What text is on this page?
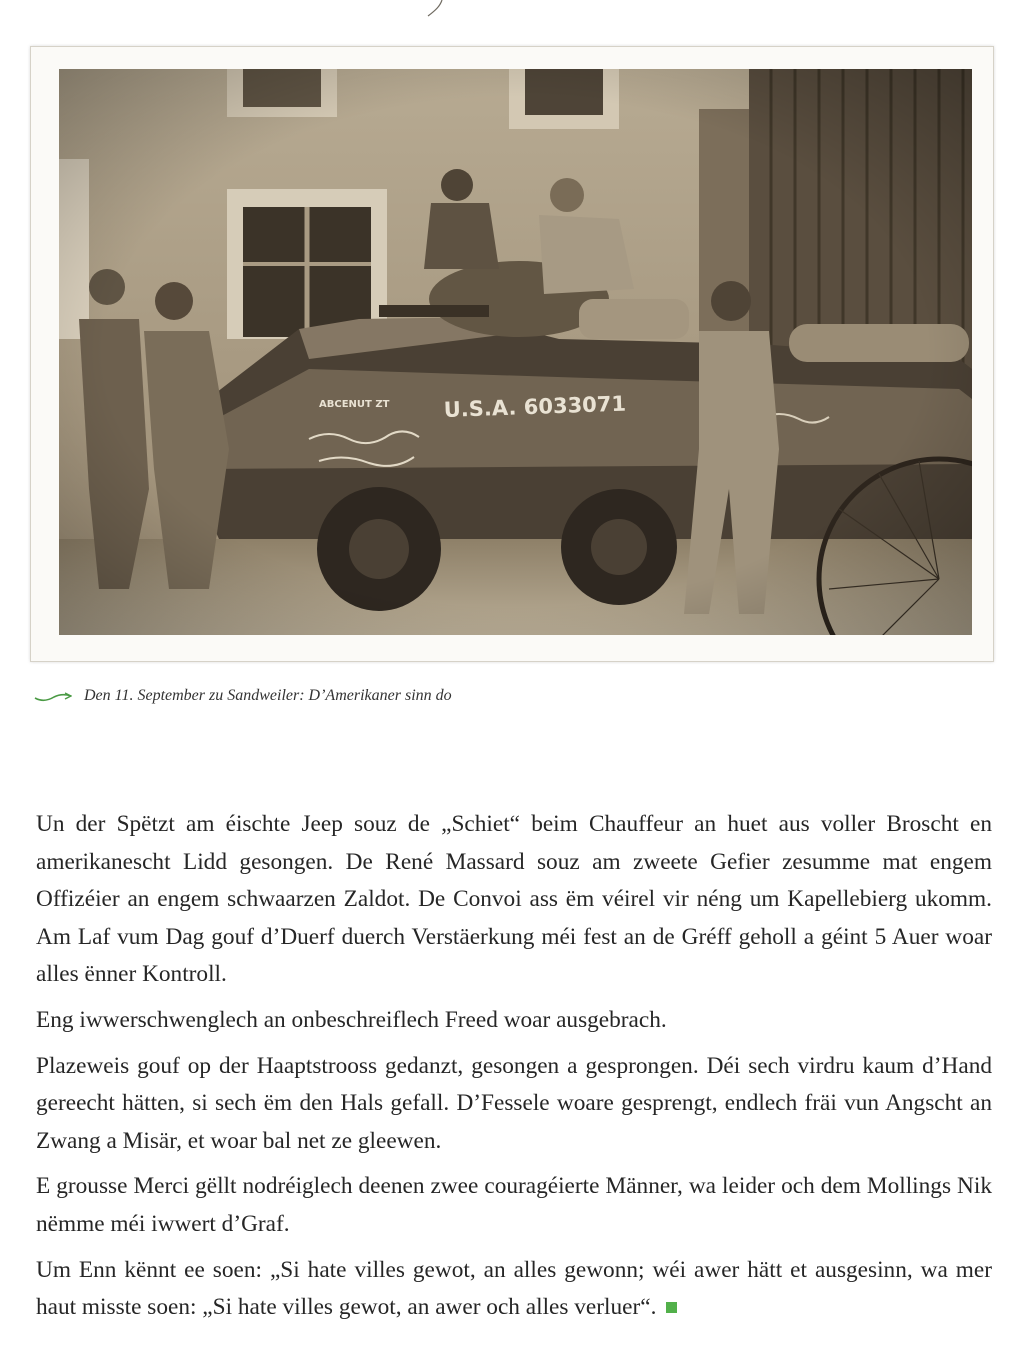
Den 11. September zu Sandweiler: D’Amerikaner sinn do

Un der Spëtzt am éischte Jeep souz de „Schiet“ beim Chauffeur an huet aus voller Broscht en amerikanescht Lidd gesongen. De René Massard souz am zweete Gefier zesumme mat engem Offizéier an engem schwaarzen Zaldot. De Convoi ass ëm véirel vir néng um Kapellebierg ukomm. Am Laf vum Dag gouf d’Duerf duerch Verstäerkung méi fest an de Gréff geholl a géint 5 Auer woar alles ënner Kontroll.

Eng iwwerschwenglech an onbeschreiflech Freed woar ausgebrach.

Plazeweis gouf op der Haaptstrooss gedanzt, gesongen a gesprongen. Déi sech virdru kaum d’Hand gereecht hätten, si sech ëm den Hals gefall. D’Fessele woare gesprengt, endlech fräi vun Angscht an Zwang a Misär, et woar bal net ze gleewen.

E grousse Merci gëllt nodréiglech deenen zwee couragéierte Männer, wa leider och dem Mollings Nik nëmme méi iwwert d’Graf.

Um Enn kënnt ee soen: „Si hate villes gewot, an alles gewonn; wéi awer hätt et ausgesinn, wa mer haut misste soen: „Si hate villes gewot, an awer och alles verluer“.
